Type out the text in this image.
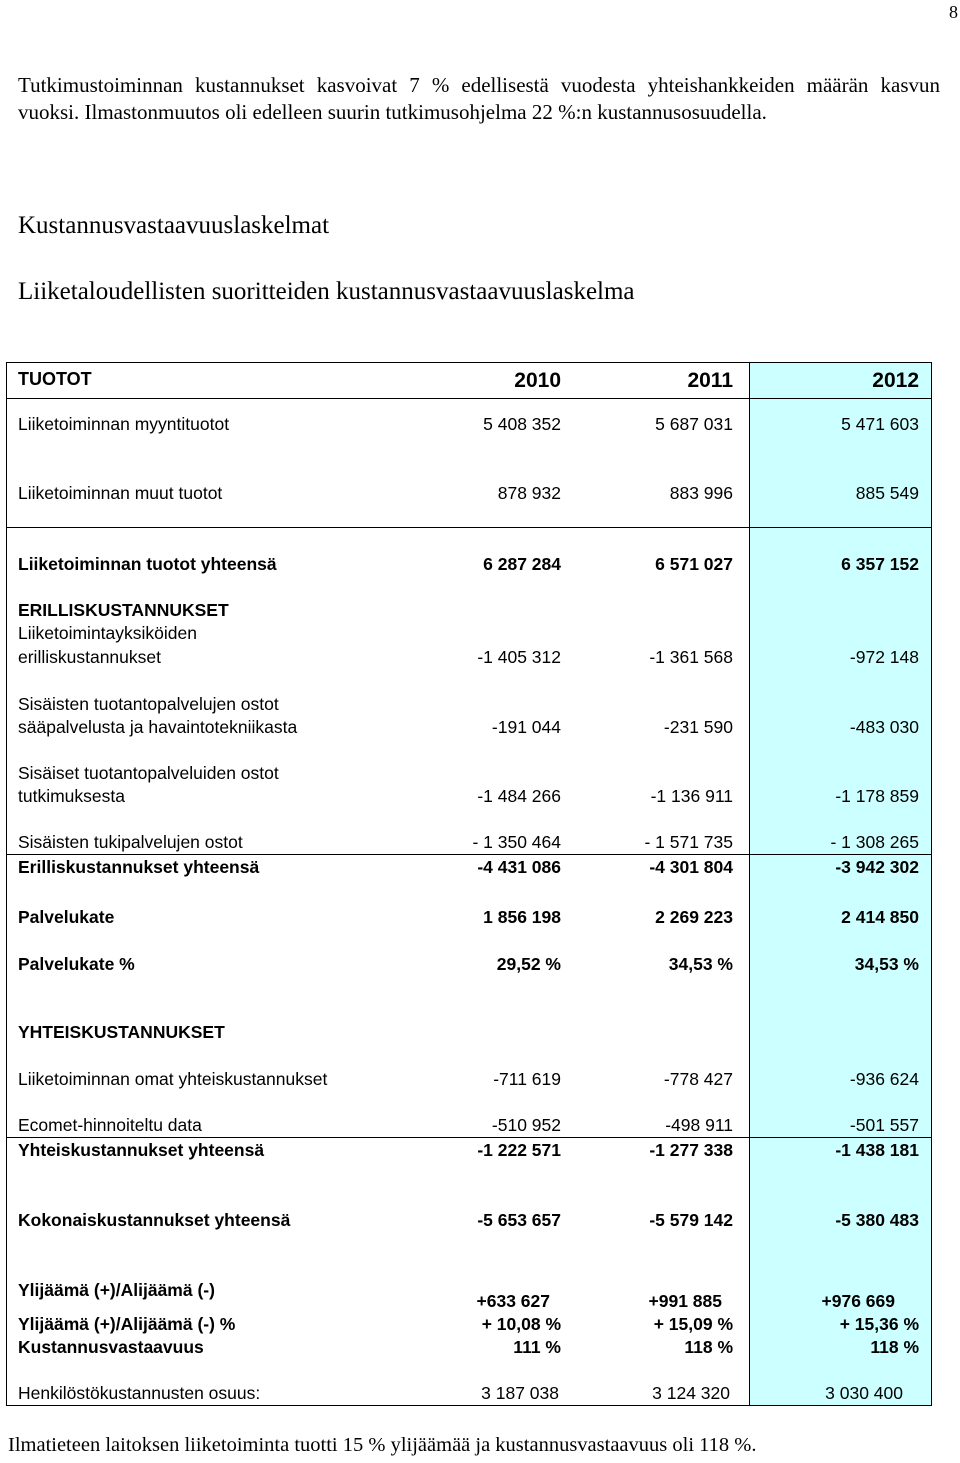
8

Tutkimustoiminnan kustannukset kasvoivat 7 % edellisestä vuodesta yhteishankkeiden määrän kasvun vuoksi. Ilmastonmuutos oli edelleen suurin tutkimusohjelma 22 %:n kustannusosuudella.

Kustannusvastaavuuslaskelmat
Liiketaloudellisten suoritteiden kustannusvastaavuuslaskelma
TUOTOT	2010	2011	2012
Liiketoiminnan myyntituotot	5 408 352	5 687 031	5 471 603
Liiketoiminnan muut tuotot	878 932	883 996	885 549
Liiketoiminnan tuotot yhteensä	6 287 284	6 571 027	6 357 152
ERILLISKUSTANNUKSET
Liiketoimintayksiköiden
erilliskustannukset	-1 405 312	-1 361 568	-972 148
Sisäisten tuotantopalvelujen ostot
sääpalvelusta ja havaintotekniikasta	-191 044	-231 590	-483 030
Sisäiset tuotantopalveluiden ostot
tutkimuksesta	-1 484 266	-1 136 911	-1 178 859
Sisäisten tukipalvelujen ostot	- 1 350 464	- 1 571 735	- 1 308 265
Erilliskustannukset yhteensä	-4 431 086	-4 301 804	-3 942 302
Palvelukate	1 856 198	2 269 223	2 414 850
Palvelukate %	29,52 %	34,53 %	34,53 %
YHTEISKUSTANNUKSET
Liiketoiminnan omat yhteiskustannukset	-711 619	-778 427	-936 624
Ecomet-hinnoiteltu data	-510 952	-498 911	-501 557
Yhteiskustannukset yhteensä	-1 222 571	-1 277 338	-1 438 181
Kokonaiskustannukset yhteensä	-5 653 657	-5 579 142	-5 380 483
Ylijäämä (+)/Alijäämä (-)
+633 627	+991 885	+976 669
Ylijäämä (+)/Alijäämä (-) %	+ 10,08 %	+ 15,09 %	+ 15,36 %
Kustannusvastaavuus	111 %	118 %	118 %
Henkilöstökustannusten osuus:	3 187 038	3 124 320	3 030 400

Ilmatieteen laitoksen liiketoiminta tuotti 15 % ylijäämää ja kustannusvastaavuus oli 118 %.
